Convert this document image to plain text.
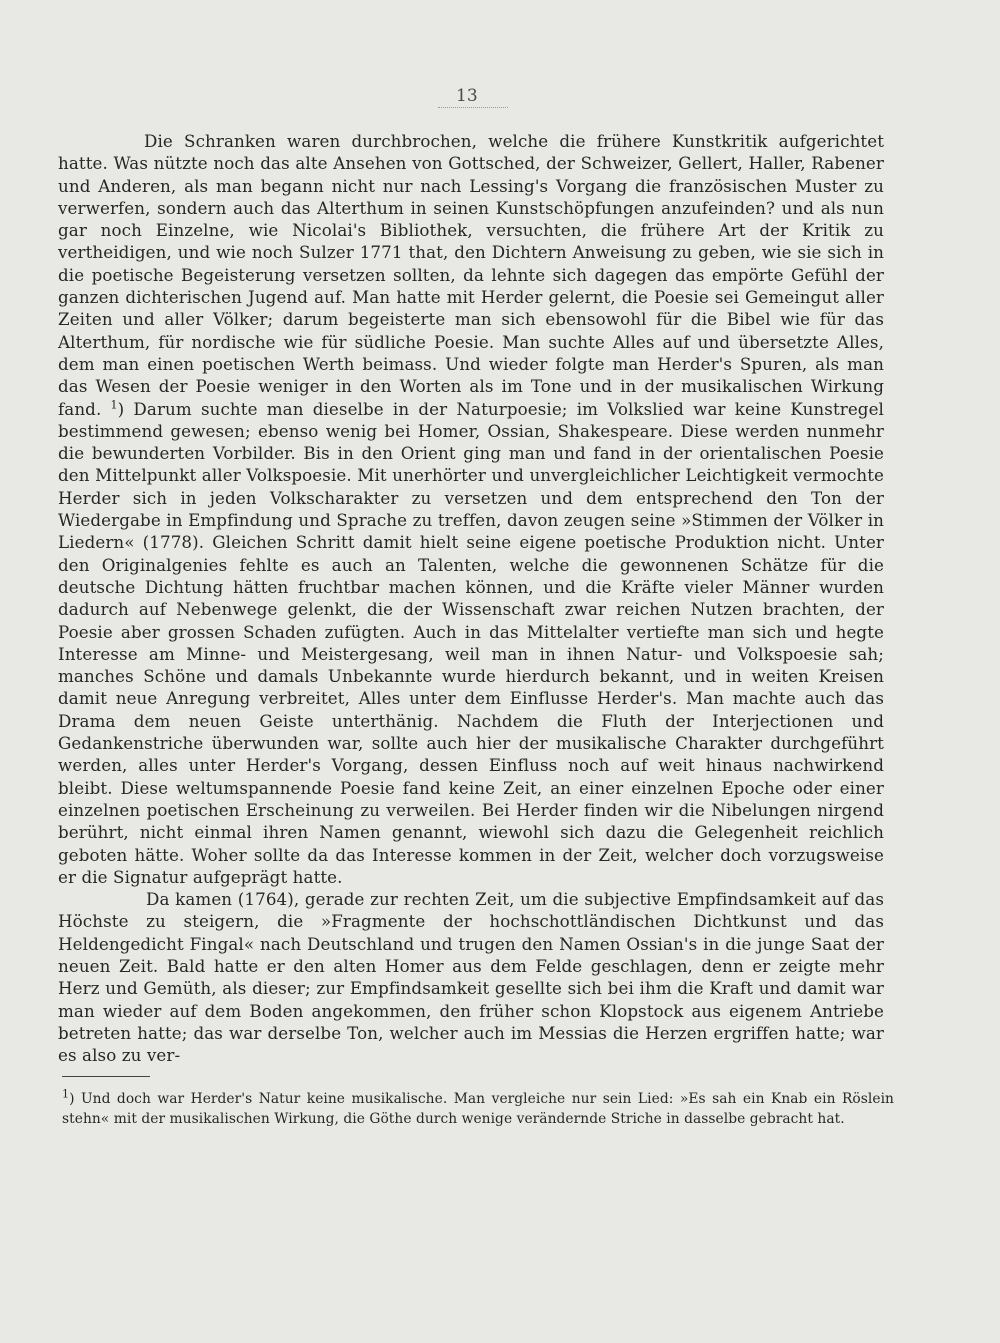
13

Die Schranken waren durchbrochen, welche die frühere Kunstkritik aufgerichtet hatte. Was nützte noch das alte Ansehen von Gottsched, der Schweizer, Gellert, Haller, Rabener und Anderen, als man begann nicht nur nach Lessing's Vorgang die französischen Muster zu verwerfen, sondern auch das Alterthum in seinen Kunstschöpfungen anzufeinden? und als nun gar noch Einzelne, wie Nicolai's Bibliothek, versuchten, die frühere Art der Kritik zu vertheidigen, und wie noch Sulzer 1771 that, den Dichtern Anweisung zu geben, wie sie sich in die poetische Begeisterung versetzen sollten, da lehnte sich dagegen das empörte Gefühl der ganzen dichterischen Jugend auf. Man hatte mit Herder gelernt, die Poesie sei Gemeingut aller Zeiten und aller Völker; darum begeisterte man sich ebensowohl für die Bibel wie für das Alterthum, für nordische wie für südliche Poesie. Man suchte Alles auf und übersetzte Alles, dem man einen poetischen Werth beimass. Und wieder folgte man Herder's Spuren, als man das Wesen der Poesie weniger in den Worten als im Tone und in der musikalischen Wirkung fand. $^1$) Darum suchte man dieselbe in der Naturpoesie; im Volkslied war keine Kunstregel bestimmend gewesen; ebenso wenig bei Homer, Ossian, Shakespeare. Diese werden nunmehr die bewunderten Vorbilder. Bis in den Orient ging man und fand in der orientalischen Poesie den Mittelpunkt aller Volkspoesie. Mit unerhörter und unvergleichlicher Leichtigkeit vermochte Herder sich in jeden Volkscharakter zu versetzen und dem entsprechend den Ton der Wiedergabe in Empfindung und Sprache zu treffen, davon zeugen seine »Stimmen der Völker in Liedern« (1778). Gleichen Schritt damit hielt seine eigene poetische Produktion nicht. Unter den Originalgenies fehlte es auch an Talenten, welche die gewonnenen Schätze für die deutsche Dichtung hätten fruchtbar machen können, und die Kräfte vieler Männer wurden dadurch auf Nebenwege gelenkt, die der Wissenschaft zwar reichen Nutzen brachten, der Poesie aber grossen Schaden zufügten. Auch in das Mittelalter vertiefte man sich und hegte Interesse am Minne- und Meistergesang, weil man in ihnen Natur- und Volkspoesie sah; manches Schöne und damals Unbekannte wurde hierdurch bekannt, und in weiten Kreisen damit neue Anregung verbreitet, Alles unter dem Einflusse Herder's. Man machte auch das Drama dem neuen Geiste unterthänig. Nachdem die Fluth der Interjectionen und Gedankenstriche überwunden war, sollte auch hier der musikalische Charakter durchgeführt werden, alles unter Herder's Vorgang, dessen Einfluss noch auf weit hinaus nachwirkend bleibt. Diese weltumspannende Poesie fand keine Zeit, an einer einzelnen Epoche oder einer einzelnen poetischen Erscheinung zu verweilen. Bei Herder finden wir die Nibelungen nirgend berührt, nicht einmal ihren Namen genannt, wiewohl sich dazu die Gelegenheit reichlich geboten hätte. Woher sollte da das Interesse kommen in der Zeit, welcher doch vorzugsweise er die Signatur aufgeprägt hatte.

Da kamen (1764), gerade zur rechten Zeit, um die subjective Empfindsamkeit auf das Höchste zu steigern, die »Fragmente der hochschottländischen Dichtkunst und das Heldengedicht Fingal« nach Deutschland und trugen den Namen Ossian's in die junge Saat der neuen Zeit. Bald hatte er den alten Homer aus dem Felde geschlagen, denn er zeigte mehr Herz und Gemüth, als dieser; zur Empfindsamkeit gesellte sich bei ihm die Kraft und damit war man wieder auf dem Boden angekommen, den früher schon Klopstock aus eigenem Antriebe betreten hatte; das war derselbe Ton, welcher auch im Messias die Herzen ergriffen hatte; war es also zu ver-

$^1$) Und doch war Herder's Natur keine musikalische. Man vergleiche nur sein Lied: »Es sah ein Knab ein Röslein stehn« mit der musikalischen Wirkung, die Göthe durch wenige verändernde Striche in dasselbe gebracht hat.
